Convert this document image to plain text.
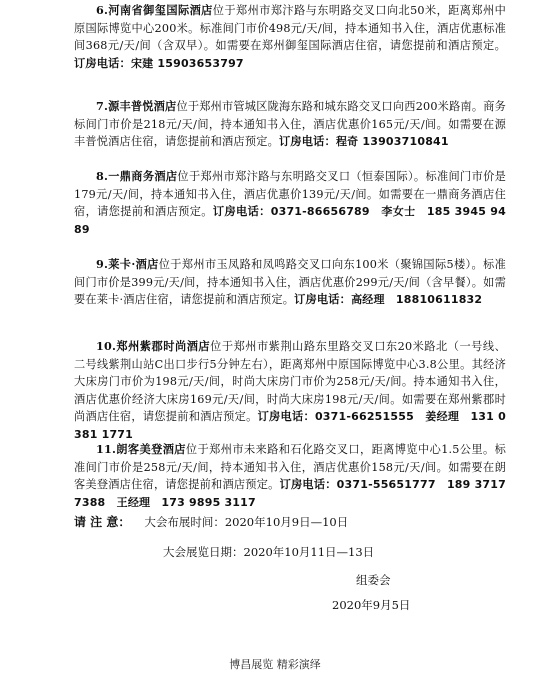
6.河南省御玺国际酒店位于郑州市郑汴路与东明路交叉口向北50米，距离郑州中原国际博览中心200米。标准间门市价498元/天/间，持本通知书入住，酒店优惠标准间368元/天/间（含双早）。如需要在郑州御玺国际酒店住宿，请您提前和酒店预定。订房电话：宋建 15903653797
7.源丰普悦酒店位于郑州市管城区陇海东路和城东路交叉口向西200米路南。商务标间门市价是218元/天/间，持本通知书入住，酒店优惠价165元/天/间。如需要在源丰普悦酒店住宿，请您提前和酒店预定。订房电话：程奇 13903710841
8.一鼎商务酒店位于郑州市郑汴路与东明路交叉口（恒泰国际）。标准间门市价是179元/天/间，持本通知书入住，酒店优惠价139元/天/间。如需要在一鼎商务酒店住宿，请您提前和酒店预定。订房电话：0371-86656789　李女士　185 3945 9489
9.莱卡·酒店位于郑州市玉凤路和凤鸣路交叉口向东100米（聚锦国际5楼）。标准间门市价是399元/天/间，持本通知书入住，酒店优惠价299元/天/间（含早餐）。如需要在莱卡·酒店住宿，请您提前和酒店预定。订房电话：高经理　18810611832
10.郑州紫郡时尚酒店位于郑州市紫荆山路东里路交叉口东20米路北（一号线、二号线紫荆山站C出口步行5分钟左右），距离郑州中原国际博览中心3.8公里。其经济大床房门市价为198元/天/间，时尚大床房门市价为258元/天/间。持本通知书入住，酒店优惠价经济大床房169元/天/间，时尚大床房198元/天/间。如需要在郑州紫郡时尚酒店住宿，请您提前和酒店预定。订房电话：0371-66251555　姜经理　131 0381 1771
11.朗客美登酒店位于郑州市未来路和石化路交叉口，距离博览中心1.5公里。标准间门市价是258元/天/间，持本通知书入住，酒店优惠价158元/天/间。如需要在朗客美登酒店住宿，请您提前和酒店预定。订房电话：0371-55651777　189 3717 7388　王经理　173 9895 3117
请 注 意： 大会布展时间：2020年10月9日—10日
大会展览日期：2020年10月11日—13日
组委会
2020年9月5日
博昌展览 精彩演绎
